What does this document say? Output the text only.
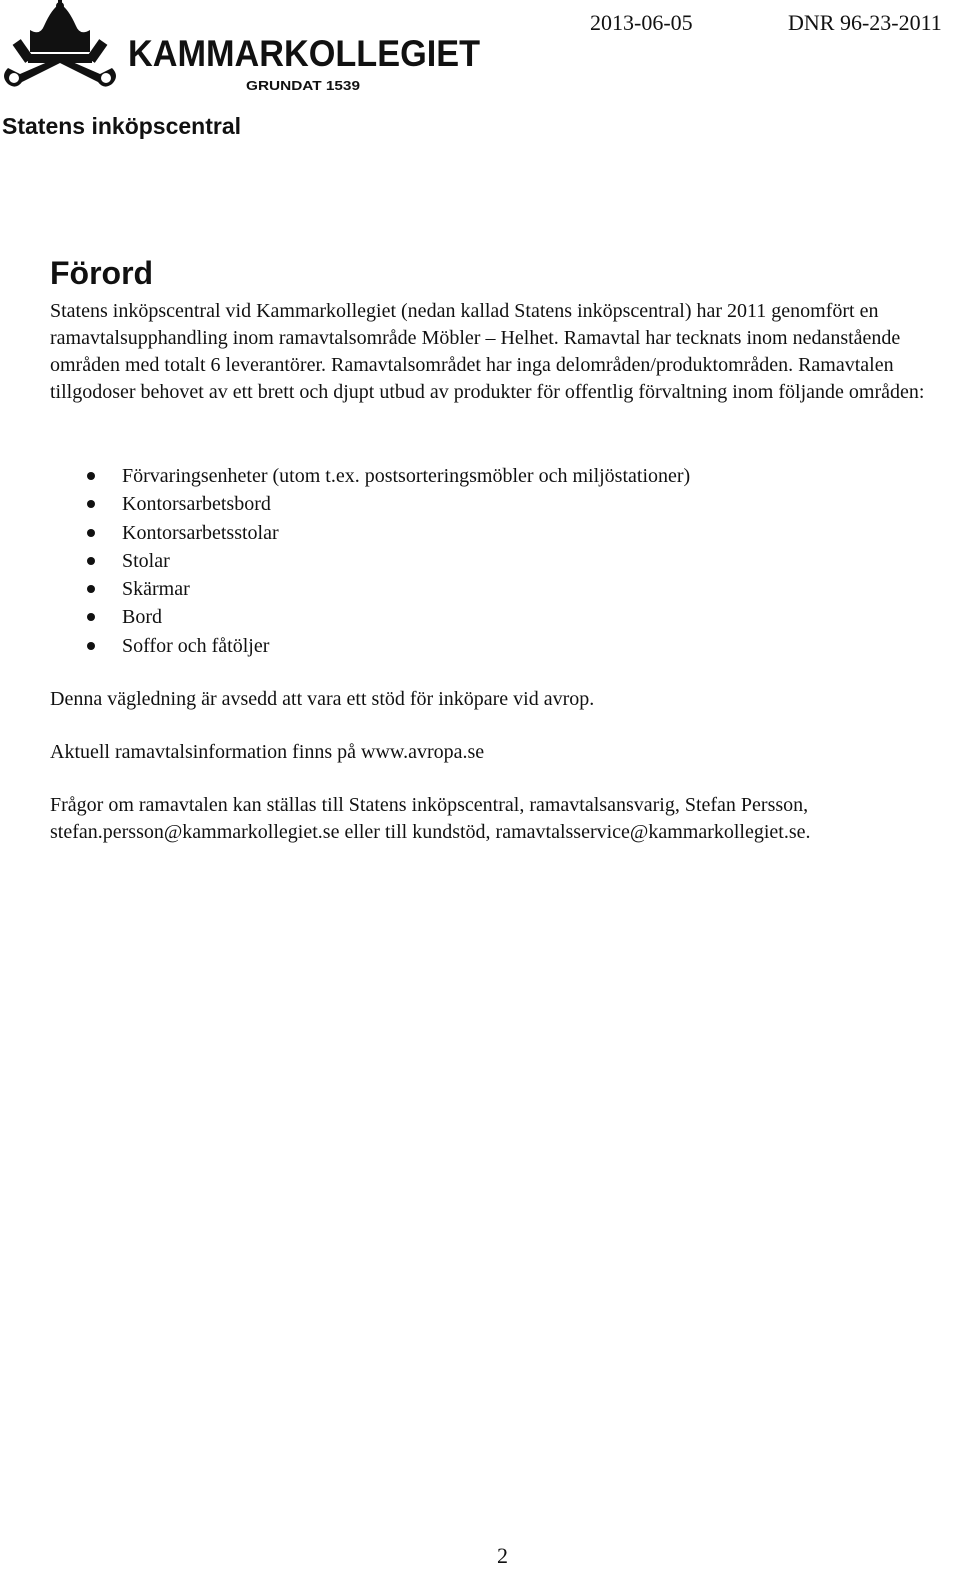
KAMMARKOLLEGIET
GRUNDAT 1539
Statens inköpscentral
2013-06-05	DNR 96-23-2011
Förord

Statens inköpscentral vid Kammarkollegiet (nedan kallad Statens inköpscentral) har 2011 genomfört en ramavtalsupphandling inom ramavtalsområde Möbler – Helhet. Ramavtal har tecknats inom nedanstående områden med totalt 6 leverantörer. Ramavtalsområdet har inga delområden/produktområden. Ramavtalen tillgodoser behovet av ett brett och djupt utbud av produkter för offentlig förvaltning inom följande områden:

Förvaringsenheter (utom t.ex. postsorteringsmöbler och miljöstationer)
Kontorsarbetsbord
Kontorsarbetsstolar
Stolar
Skärmar
Bord
Soffor och fåtöljer

Denna vägledning är avsedd att vara ett stöd för inköpare vid avrop.

Aktuell ramavtalsinformation finns på www.avropa.se

Frågor om ramavtalen kan ställas till Statens inköpscentral, ramavtalsansvarig, Stefan Persson, stefan.persson@kammarkollegiet.se eller till kundstöd, ramavtalsservice@kammarkollegiet.se.

2
